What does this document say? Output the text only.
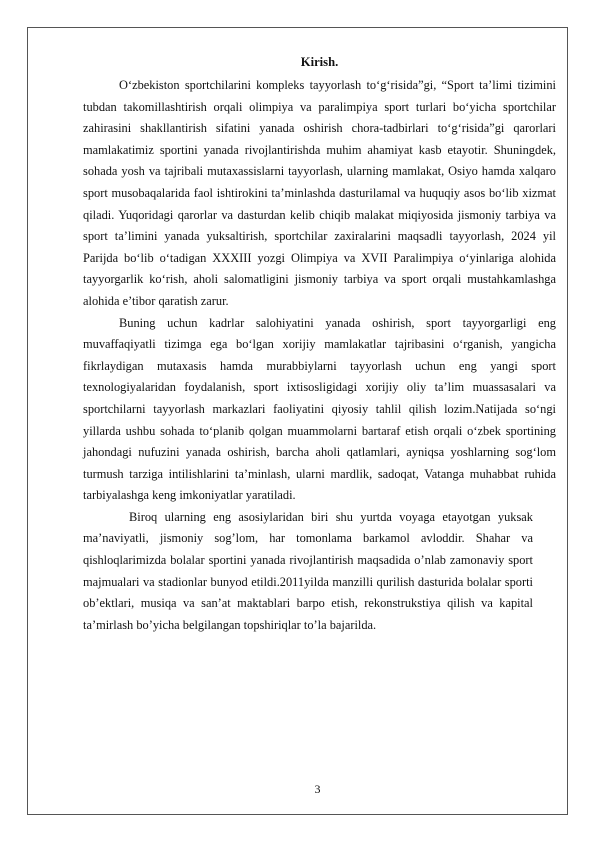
Kirish.

O‘zbekiston sportchilarini kompleks tayyorlash to‘g‘risida”gi, “Sport ta’limi tizimini tubdan takomillashtirish orqali olimpiya va paralimpiya sport turlari bo‘yicha sportchilar zahirasini shakllantirish sifatini yanada oshirish chora-tadbirlari to‘g‘risida”gi qarorlari mamlakatimiz sportini yanada rivojlantirishda muhim ahamiyat kasb etayotir. Shuningdek, sohada yosh va tajribali mutaxassislarni tayyorlash, ularning mamlakat, Osiyo hamda xalqaro sport musobaqalarida faol ishtirokini ta’minlashda dasturilamal va huquqiy asos bo‘lib xizmat qiladi. Yuqoridagi qarorlar va dasturdan kelib chiqib malakat miqiyosida jismoniy tarbiya va sport ta’limini yanada yuksaltirish, sportchilar zaxiralarini maqsadli tayyorlash, 2024 yil Parijda bo‘lib o‘tadigan XXXIII yozgi Olimpiya va XVII Paralimpiya o‘yinlariga alohida tayyorgarlik ko‘rish, aholi salomatligini jismoniy tarbiya va sport orqali mustahkamlashga alohida e’tibor qaratish zarur.

Buning uchun kadrlar salohiyatini yanada oshirish, sport tayyorgarligi eng muvaffaqiyatli tizimga ega bo‘lgan xorijiy mamlakatlar tajribasini o‘rganish, yangicha fikrlaydigan mutaxasis hamda murabbiylarni tayyorlash uchun eng yangi sport texnologiyalaridan foydalanish, sport ixtisosligidagi xorijiy oliy ta’lim muassasalari va sportchilarni tayyorlash markazlari faoliyatini qiyosiy tahlil qilish lozim.Natijada so‘ngi yillarda ushbu sohada to‘planib qolgan muammolarni bartaraf etish orqali o‘zbek sportining jahondagi nufuzini yanada oshirish, barcha aholi qatlamlari, ayniqsa yoshlarning sog‘lom turmush tarziga intilishlarini ta’minlash, ularni mardlik, sadoqat, Vatanga muhabbat ruhida tarbiyalashga keng imkoniyatlar yaratiladi.

Biroq ularning eng asosiylaridan biri shu yurtda voyaga etayotgan yuksak ma’naviyatli, jismoniy sog’lom, har tomonlama barkamol avloddir. Shahar va qishloqlarimizda bolalar sportini yanada rivojlantirish maqsadida o’nlab zamonaviy sport majmualari va stadionlar bunyod etildi.2011yilda manzilli qurilish dasturida bolalar sporti ob’ektlari, musiqa va san’at maktablari barpo etish, rekonstrukstiya qilish va kapital ta’mirlash bo’yicha belgilangan topshiriqlar to’la bajarilda.

3
